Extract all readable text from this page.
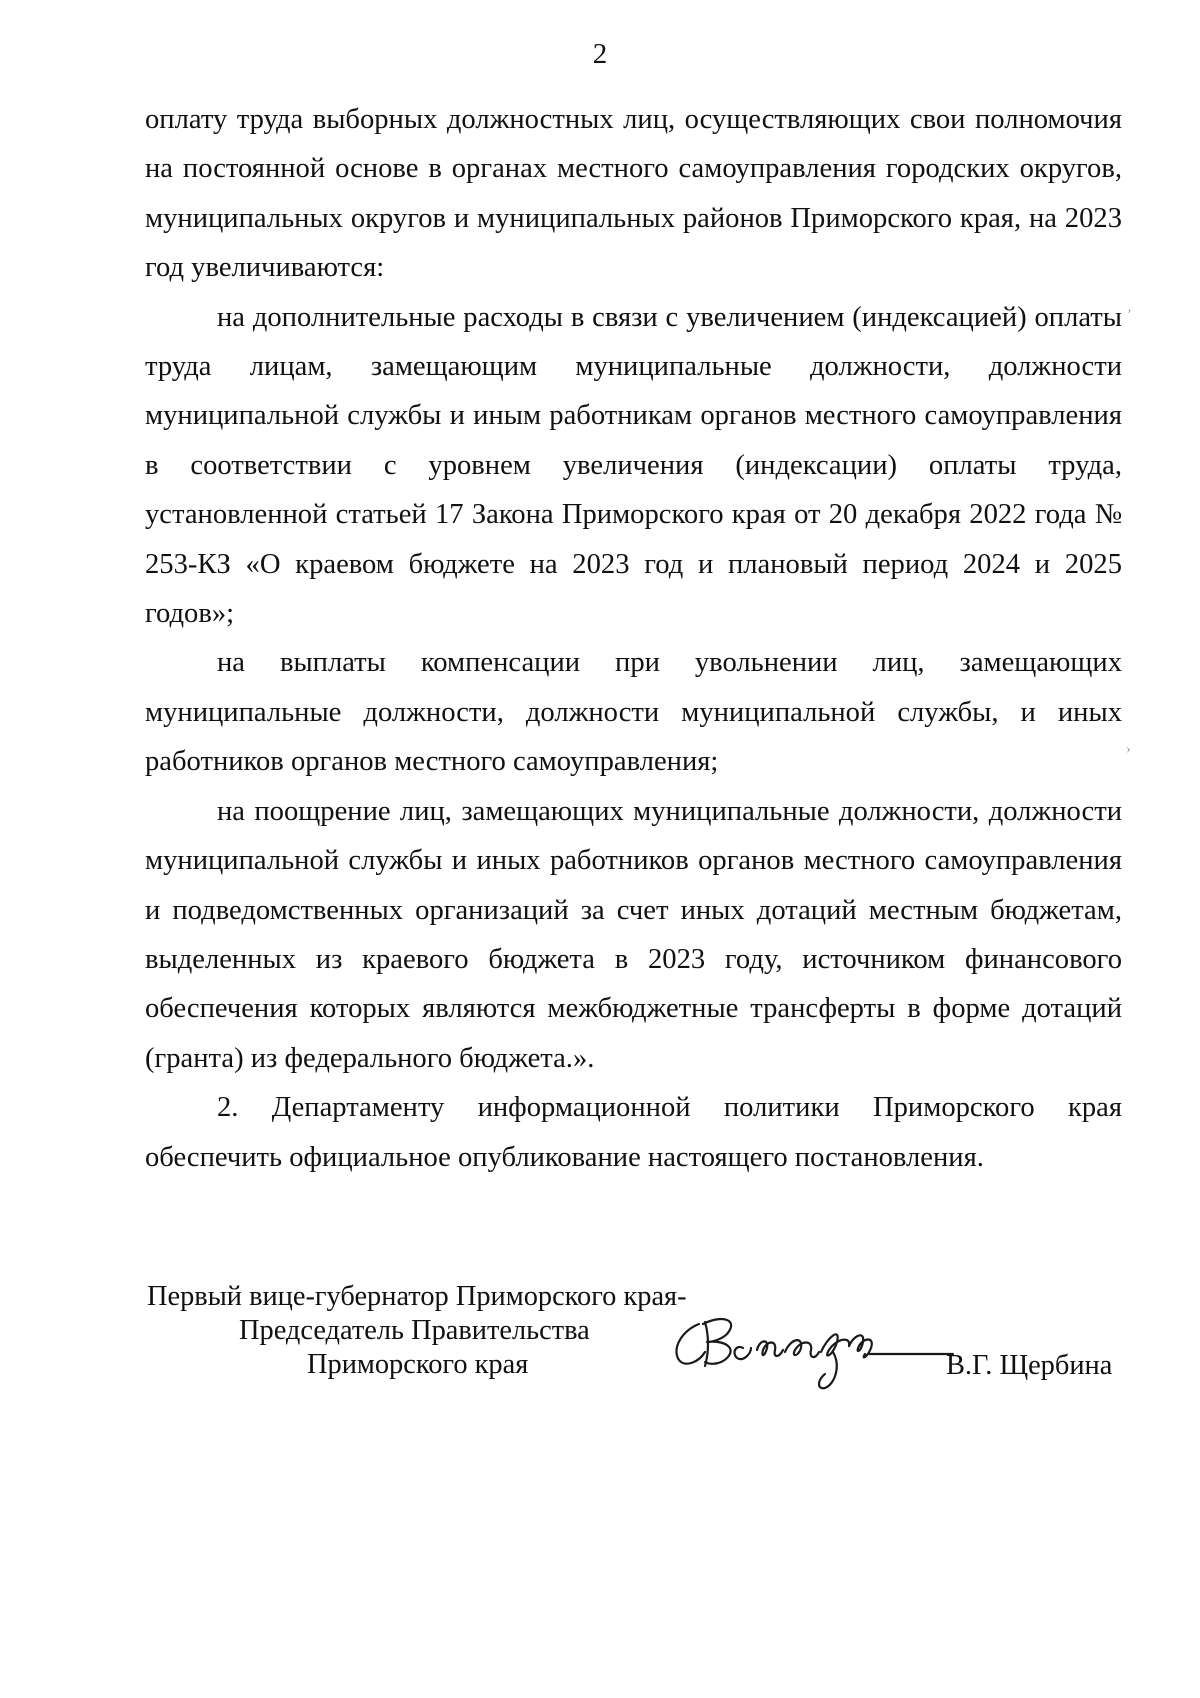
2

оплату труда выборных должностных лиц, осуществляющих свои полномочия на постоянной основе в органах местного самоуправления городских округов, муниципальных округов и муниципальных районов Приморского края, на 2023 год увеличиваются:

на дополнительные расходы в связи с увеличением (индексацией) оплаты труда лицам, замещающим муниципальные должности, должности муниципальной службы и иным работникам органов местного самоуправления в соответствии с уровнем увеличения (индексации) оплаты труда, установленной статьей 17 Закона Приморского края от 20 декабря 2022 года № 253-КЗ «О краевом бюджете на 2023 год и плановый период 2024 и 2025 годов»;

на выплаты компенсации при увольнении лиц, замещающих муниципальные должности, должности муниципальной службы, и иных работников органов местного самоуправления;

на поощрение лиц, замещающих муниципальные должности, должности муниципальной службы и иных работников органов местного самоуправления и подведомственных организаций за счет иных дотаций местным бюджетам, выделенных из краевого бюджета в 2023 году, источником финансового обеспечения которых являются межбюджетные трансферты в форме дотаций (гранта) из федерального бюджета.».

2. Департаменту информационной политики Приморского края обеспечить официальное опубликование настоящего постановления.

Первый вице-губернатор Приморского края-
Председатель Правительства
Приморского края	В.Г. Щербина
‚
›
